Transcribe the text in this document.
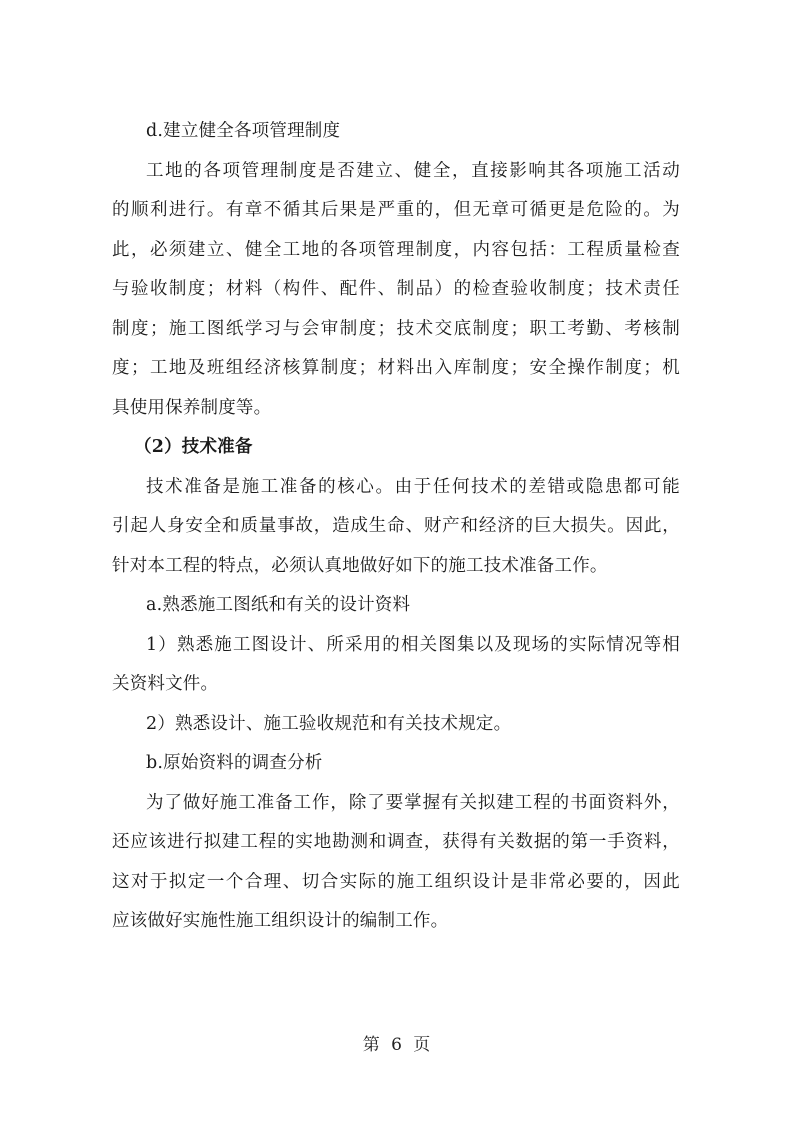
d.建立健全各项管理制度
工地的各项管理制度是否建立、健全，直接影响其各项施工活动
的顺利进行。有章不循其后果是严重的，但无章可循更是危险的。为
此，必须建立、健全工地的各项管理制度，内容包括：工程质量检查
与验收制度；材料（构件、配件、制品）的检查验收制度；技术责任
制度；施工图纸学习与会审制度；技术交底制度；职工考勤、考核制
度；工地及班组经济核算制度；材料出入库制度；安全操作制度；机
具使用保养制度等。
（2）技术准备
技术准备是施工准备的核心。由于任何技术的差错或隐患都可能
引起人身安全和质量事故，造成生命、财产和经济的巨大损失。因此，
针对本工程的特点，必须认真地做好如下的施工技术准备工作。
a.熟悉施工图纸和有关的设计资料
1）熟悉施工图设计、所采用的相关图集以及现场的实际情况等相
关资料文件。
2）熟悉设计、施工验收规范和有关技术规定。
b.原始资料的调查分析
为了做好施工准备工作，除了要掌握有关拟建工程的书面资料外，
还应该进行拟建工程的实地勘测和调查，获得有关数据的第一手资料，
这对于拟定一个合理、切合实际的施工组织设计是非常必要的，因此
应该做好实施性施工组织设计的编制工作。
第 6 页
